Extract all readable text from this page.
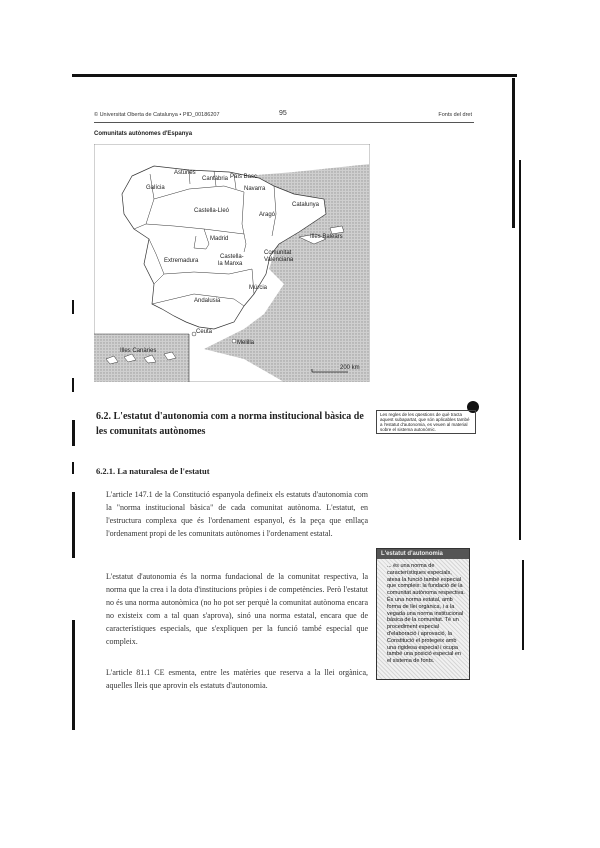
© Universitat Oberta de Catalunya • PID_00186207	95	Fonts del dret
Comunitats autònomes d'Espanya
Galícia
Astúries
Cantàbria País Basc
Navarra
Castella-Lleó
Aragó
Catalunya
Madrid
Extremadura
Castella-
la Manxa
Comunitat
Valenciana
Illes Balears
Múrcia
Andalusia
Ceuta
Melilla
Illes Canàries
200 km
6.2. L'estatut d'autonomia com a norma institucional bàsica de les comunitats autònomes
Les regles de les qüestions de què tracta aquest subapartat, que són aplicables també a l'estatut d'autonomia, es veuen al material sobre el sistema autonòmic.
6.2.1. La naturalesa de l'estatut

L'article 147.1 de la Constitució espanyola defineix els estatuts d'autonomia com la "norma institucional bàsica" de cada comunitat autònoma. L'estatut, en l'estructura complexa que és l'ordenament espanyol, és la peça que enllaça l'ordenament propi de les comunitats autònomes i l'ordenament estatal.

L'estatut d'autonomia és la norma fundacional de la comunitat respectiva, la norma que la crea i la dota d'institucions pròpies i de competències. Però l'estatut no és una norma autonòmica (no ho pot ser perquè la comunitat autònoma encara no existeix com a tal quan s'aprova), sinó una norma estatal, encara que de característiques especials, que s'expliquen per la funció també especial que compleix.

L'article 81.1 CE esmenta, entre les matèries que reserva a la llei orgànica, aquelles lleis que aprovin els estatuts d'autonomia.

L'estatut d'autonomia
... és una norma de característiques especials, atesa la funció també especial que compleix: la fundació de la comunitat autònoma respectiva. És una norma estatal, amb forma de llei orgànica, i a la vegada una norma institucional bàsica de la comunitat. Té un procediment especial d'elaboració i aprovació, la Constitució el protegeix amb una rigidesa especial i ocupa també una posició especial en el sistema de fonts.
